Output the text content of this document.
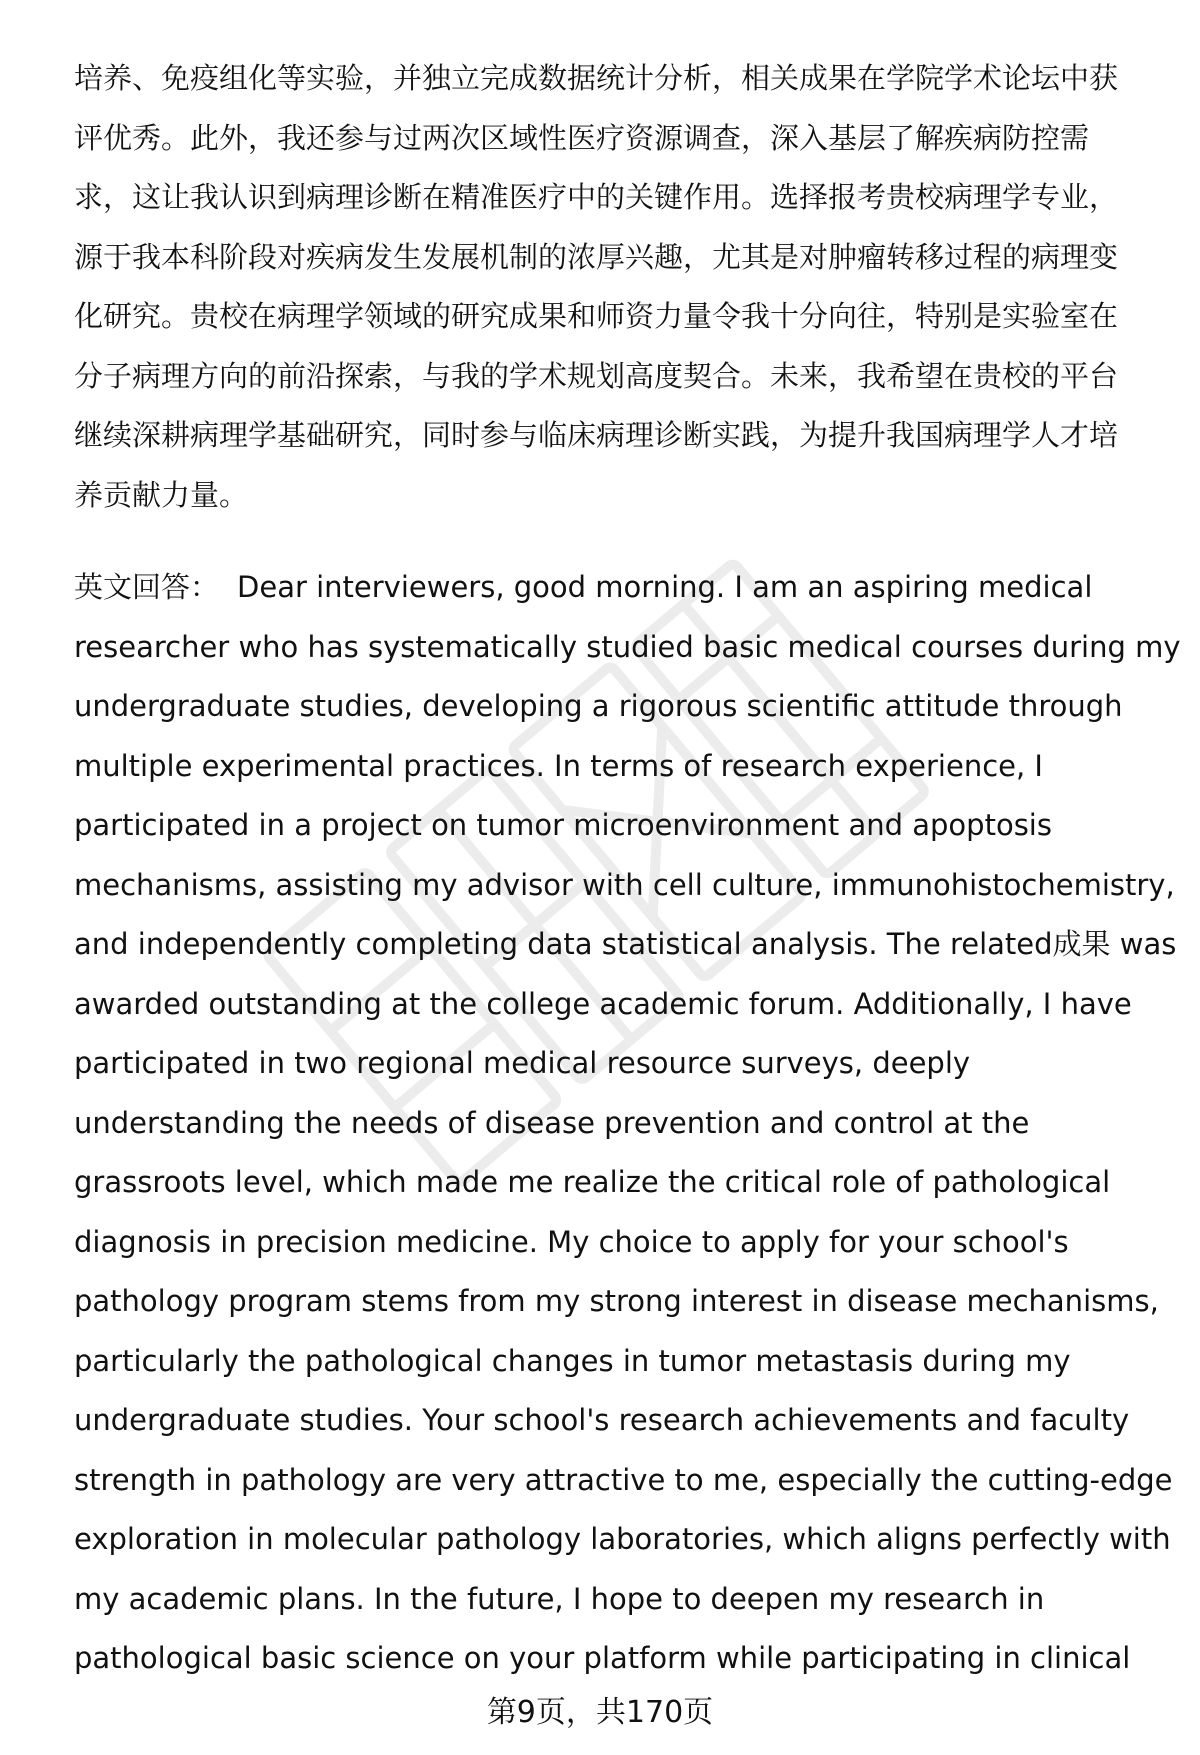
培养、免疫组化等实验，并独立完成数据统计分析，相关成果在学院学术论坛中获
评优秀。此外，我还参与过两次区域性医疗资源调查，深入基层了解疾病防控需
求，这让我认识到病理诊断在精准医疗中的关键作用。选择报考贵校病理学专业，
源于我本科阶段对疾病发生发展机制的浓厚兴趣，尤其是对肿瘤转移过程的病理变
化研究。贵校在病理学领域的研究成果和师资力量令我十分向往，特别是实验室在
分子病理方向的前沿探索，与我的学术规划高度契合。未来，我希望在贵校的平台
继续深耕病理学基础研究，同时参与临床病理诊断实践，为提升我国病理学人才培
养贡献力量。

英文回答： Dear interviewers, good morning. I am an aspiring medical
researcher who has systematically studied basic medical courses during my
undergraduate studies, developing a rigorous scientific attitude through
multiple experimental practices. In terms of research experience, I
participated in a project on tumor microenvironment and apoptosis
mechanisms, assisting my advisor with cell culture, immunohistochemistry,
and independently completing data statistical analysis. The related成果 was
awarded outstanding at the college academic forum. Additionally, I have
participated in two regional medical resource surveys, deeply
understanding the needs of disease prevention and control at the
grassroots level, which made me realize the critical role of pathological
diagnosis in precision medicine. My choice to apply for your school's
pathology program stems from my strong interest in disease mechanisms,
particularly the pathological changes in tumor metastasis during my
undergraduate studies. Your school's research achievements and faculty
strength in pathology are very attractive to me, especially the cutting-edge
exploration in molecular pathology laboratories, which aligns perfectly with
my academic plans. In the future, I hope to deepen my research in
pathological basic science on your platform while participating in clinical

第9页，共170页
